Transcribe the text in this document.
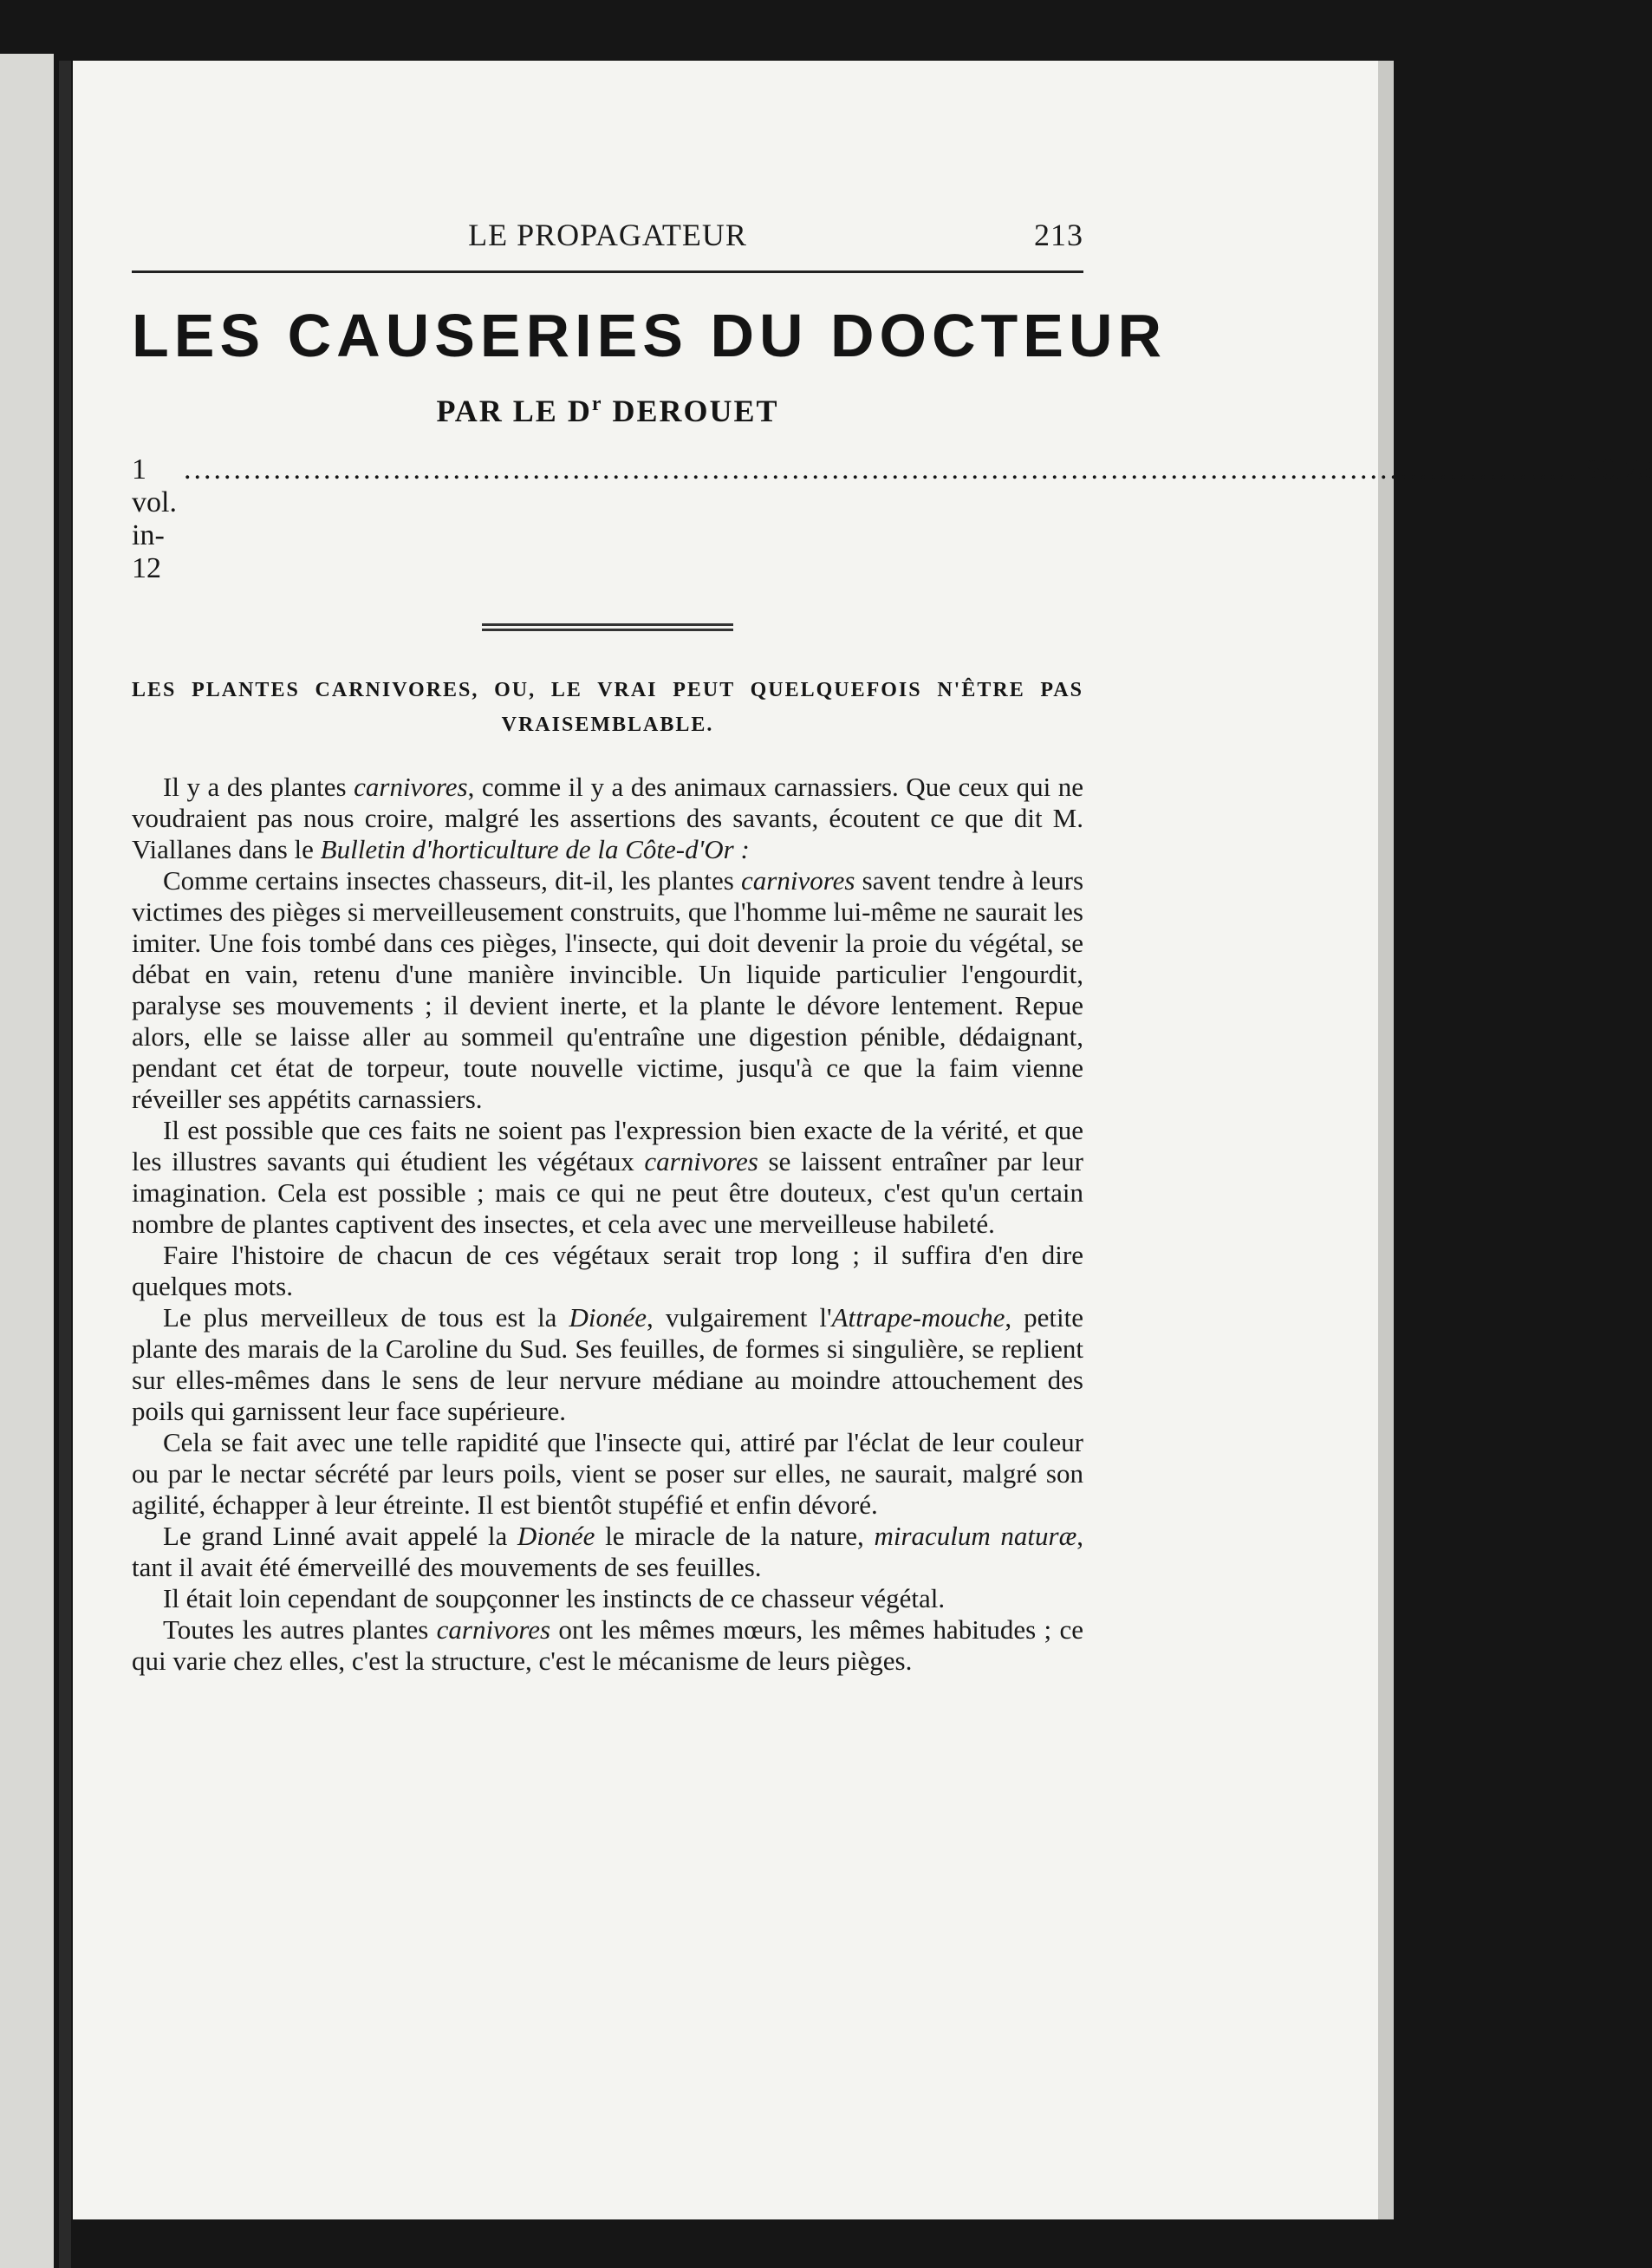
LE PROPAGATEUR	213
LES CAUSERIES DU DOCTEUR
PAR LE $D^r$ DEROUET
1 vol. in-12
............................................................................................................................................ $0.75
LES PLANTES CARNIVORES, OU, LE VRAI PEUT QUELQUEFOIS N'ÊTRE PAS VRAISEMBLABLE.

Il y a des plantes carnivores, comme il y a des animaux carnassiers. Que ceux qui ne voudraient pas nous croire, malgré les assertions des savants, écoutent ce que dit M. Viallanes dans le Bulletin d'horticulture de la Côte-d'Or :

Comme certains insectes chasseurs, dit-il, les plantes carnivores savent tendre à leurs victimes des pièges si merveilleusement construits, que l'homme lui-même ne saurait les imiter. Une fois tombé dans ces pièges, l'insecte, qui doit devenir la proie du végétal, se débat en vain, retenu d'une manière invincible. Un liquide particulier l'engourdit, paralyse ses mouvements ; il devient inerte, et la plante le dévore lentement. Repue alors, elle se laisse aller au sommeil qu'entraîne une digestion pénible, dédaignant, pendant cet état de torpeur, toute nouvelle victime, jusqu'à ce que la faim vienne réveiller ses appétits carnassiers.

Il est possible que ces faits ne soient pas l'expression bien exacte de la vérité, et que les illustres savants qui étudient les végétaux carnivores se laissent entraîner par leur imagination. Cela est possible ; mais ce qui ne peut être douteux, c'est qu'un certain nombre de plantes captivent des insectes, et cela avec une merveilleuse habileté.

Faire l'histoire de chacun de ces végétaux serait trop long ; il suffira d'en dire quelques mots.

Le plus merveilleux de tous est la Dionée, vulgairement l'Attrape-mouche, petite plante des marais de la Caroline du Sud. Ses feuilles, de formes si singulière, se replient sur elles-mêmes dans le sens de leur nervure médiane au moindre attouchement des poils qui garnissent leur face supérieure.

Cela se fait avec une telle rapidité que l'insecte qui, attiré par l'éclat de leur couleur ou par le nectar sécrété par leurs poils, vient se poser sur elles, ne saurait, malgré son agilité, échapper à leur étreinte. Il est bientôt stupéfié et enfin dévoré.

Le grand Linné avait appelé la Dionée le miracle de la nature, miraculum naturæ, tant il avait été émerveillé des mouvements de ses feuilles.

Il était loin cependant de soupçonner les instincts de ce chasseur végétal.

Toutes les autres plantes carnivores ont les mêmes mœurs, les mêmes habitudes ; ce qui varie chez elles, c'est la structure, c'est le mécanisme de leurs pièges.
